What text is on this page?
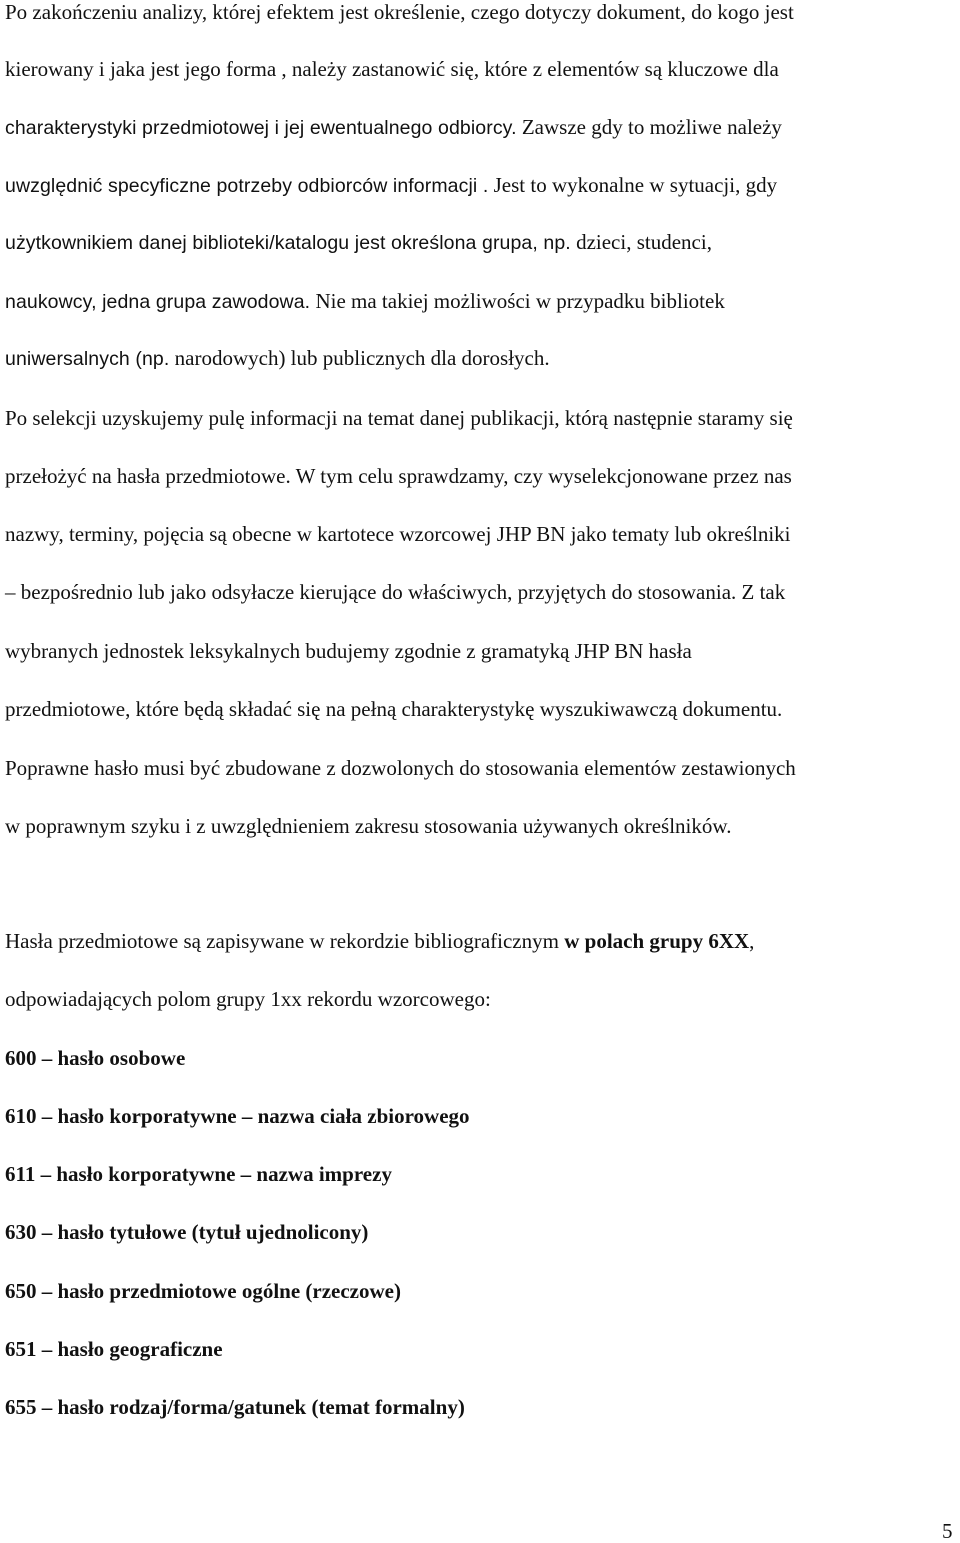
Po zakończeniu analizy, której efektem jest określenie, czego dotyczy dokument, do kogo jest
kierowany i jaka jest jego forma , należy zastanowić się, które z elementów są kluczowe dla
charakterystyki przedmiotowej i jej ewentualnego odbiorcy. Zawsze gdy to możliwe należy
uwzględnić specyficzne potrzeby odbiorców informacji . Jest to wykonalne w sytuacji, gdy
użytkownikiem danej biblioteki/katalogu jest określona grupa, np. dzieci, studenci,
naukowcy, jedna grupa zawodowa. Nie ma takiej możliwości w przypadku bibliotek
uniwersalnych (np. narodowych) lub publicznych dla dorosłych.
Po selekcji uzyskujemy pulę informacji na temat danej publikacji, którą następnie staramy się
przełożyć na hasła przedmiotowe. W tym celu sprawdzamy, czy wyselekcjonowane przez nas
nazwy, terminy, pojęcia są obecne w kartotece wzorcowej JHP BN jako tematy lub określniki
– bezpośrednio lub jako odsyłacze kierujące do właściwych, przyjętych do stosowania. Z tak
wybranych jednostek leksykalnych budujemy zgodnie z gramatyką JHP BN hasła
przedmiotowe, które będą składać się na pełną charakterystykę wyszukiwawczą dokumentu.
Poprawne hasło musi być zbudowane z dozwolonych do stosowania elementów zestawionych
w poprawnym szyku i z uwzględnieniem zakresu stosowania używanych określników.
Hasła przedmiotowe są zapisywane w rekordzie bibliograficznym w polach grupy 6XX,
odpowiadających polom grupy 1xx rekordu wzorcowego:
600 – hasło osobowe
610 – hasło korporatywne – nazwa ciała zbiorowego
611 – hasło korporatywne – nazwa imprezy
630 – hasło tytułowe (tytuł ujednolicony)
650 – hasło przedmiotowe ogólne (rzeczowe)
651 – hasło geograficzne
655 – hasło rodzaj/forma/gatunek (temat formalny)
5
